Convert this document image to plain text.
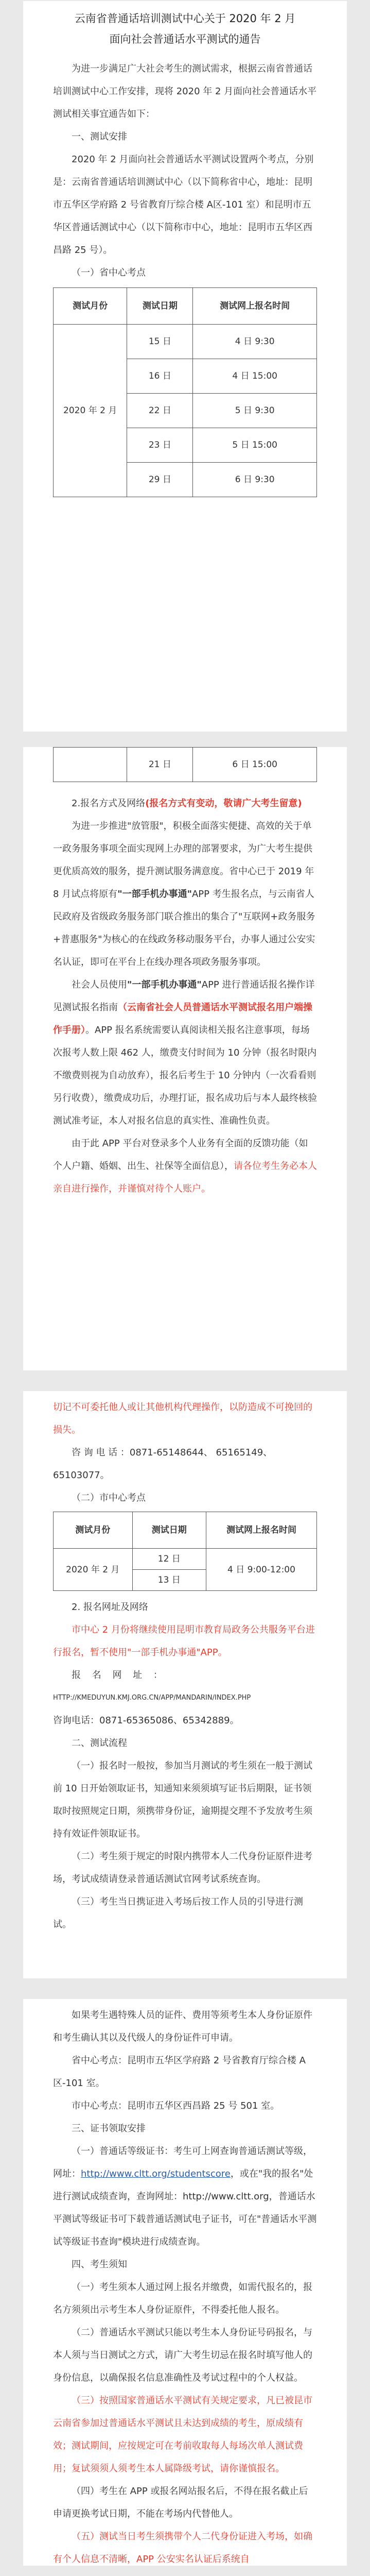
云南省普通话培训测试中心关于 2020 年 2 月

面向社会普通话水平测试的通告

为进一步满足广大社会考生的测试需求，根据云南省普通话培训测试中心工作安排，现将 2020 年 2 月面向社会普通话水平测试相关事宜通告如下：

一、测试安排

2020 年 2 月面向社会普通话水平测试设置两个考点，分别是：云南省普通话培训测试中心（以下简称省中心，地址：昆明市五华区学府路 2 号省教育厅综合楼 A区-101 室）和昆明市五华区普通话测试中心（以下简称市中心，地址：昆明市五华区西昌路 25 号）。

（一）省中心考点

测试月份	测试日期	测试网上报名时间
2020 年 2 月	15 日	4 日 9:30
	16 日	4 日 15:00
	22 日	5 日 9:30
	23 日	5 日 15:00
	29 日	6 日 9:30
	21 日	6 日 15:00

2.报名方式及网络(报名方式有变动，敬请广大考生留意)

为进一步推进"放管服"，积极全面落实便捷、高效的关于单一政务服务事项全面实现网上办理的部署要求，为广大考生提供更优质高效的服务，提升测试服务满意度。省中心已于 2019 年 8 月试点将原有"一部手机办事通"APP 考生报名点，与云南省人民政府及省级政务服务部门联合推出的集合了"互联网+政务服务+普惠服务"为核心的在线政务移动服务平台，办事人通过公安实名认证，即可在平台上在线办理各项政务服务事项。

社会人员使用"一部手机办事通"APP 进行普通话报名操作详见测试报名指南（云南省社会人员普通话水平测试报名用户端操作手册）。APP 报名系统需要认真阅读相关报名注意事项，每场次报考人数上限 462 人，缴费支付时间为 10 分钟（报名时限内不缴费则视为自动放弃），报名后考生于 10 分钟内（一次看看则另行收费），缴费成功后，办理打证，报名成功后与本人最终核验测试准考证，本人对报名信息的真实性、准确性负责。

由于此 APP 平台对登录多个人业务有全面的反馈功能（如个人户籍、婚姻、出生、社保等全面信息），请各位考生务必本人亲自进行操作，并谨慎对待个人账户。

切记不可委托他人或让其他机构代理操作，以防造成不可挽回的损失。

咨 询 电 话 ：0871-65148644、 65165149、65103077。

（二）市中心考点

测试月份	测试日期	测试网上报名时间
2020 年 2 月	12 日	4 日 9:00-12:00
	13 日	

2. 报名网址及网络

市中心 2 月份将继续使用昆明市教育局政务公共服务平台进行报名，暂不使用"一部手机办事通"APP。

报 名 网 址 ：

HTTP://KMEDUYUN.KMJ.ORG.CN/APP/MANDARIN/INDEX.PHP

咨询电话：0871-65365086、65342889。

二、测试流程

（一）报名时一般按，参加当月测试的考生须在一般于测试前 10 日开始领取证书，知通知来须须填写证书后期限，证书领取时按照规定日期，须携带身份证，逾期提交理不予发放考生须持有效证件领取证书。

（二）考生须于规定的时限内携带本人二代身份证原件进考场，考试成绩请登录普通话测试官网考试系统查询。

（三）考生当日携证进入考场后按工作人员的引导进行测试。

如果考生遇特殊人员的证件、费用等须考生本人身份证原件和考生确认其以及代级人的身份证件可申请。

省中心考点：昆明市五华区学府路 2 号省教育厅综合楼 A区-101 室。

市中心考点：昆明市五华区西昌路 25 号 501 室。

三、证书领取安排

（一）普通话等级证书：考生可上网查询普通话测试等级，网址：http://www.cltt.org/studentscore，或在"我的报名"处进行测试成绩查询，查询网址：http://www.cltt.org，普通话水平测试等级证书可下载普通话测试电子证书，可在"普通话水平测试等级证书查询"模块进行成绩查询。

四、考生须知

（一）考生须本人通过网上报名并缴费，如需代报名的，报名方须须出示考生本人身份证原件，不得委托他人报名。

（二）普通话水平测试只能以考生本人身份证号码报名，与本人须与当日测试之方式，请广大考生切忌在报名时填写他人的身份信息，以确保报名信息准确性及考试过程中的个人权益。

（三）按照国家普通话水平测试有关规定要求，凡已被昆市云南省参加过普通话水平测试且未达到成绩的考生，原成绩有效；测试期间，应按规定可在考前收取每人每场次单人测试费用；复试须须人须考生本人属降级考试，请你谨慎报名。

（四）考生在 APP 或报名网站报名后，不得在报名截止后申请更换考试日期，不能在考场内代替他人。

（五）测试当日考生须携带个人二代身份证进入考场，如确有个人信息不清晰，APP 公安实名认证后系统自
